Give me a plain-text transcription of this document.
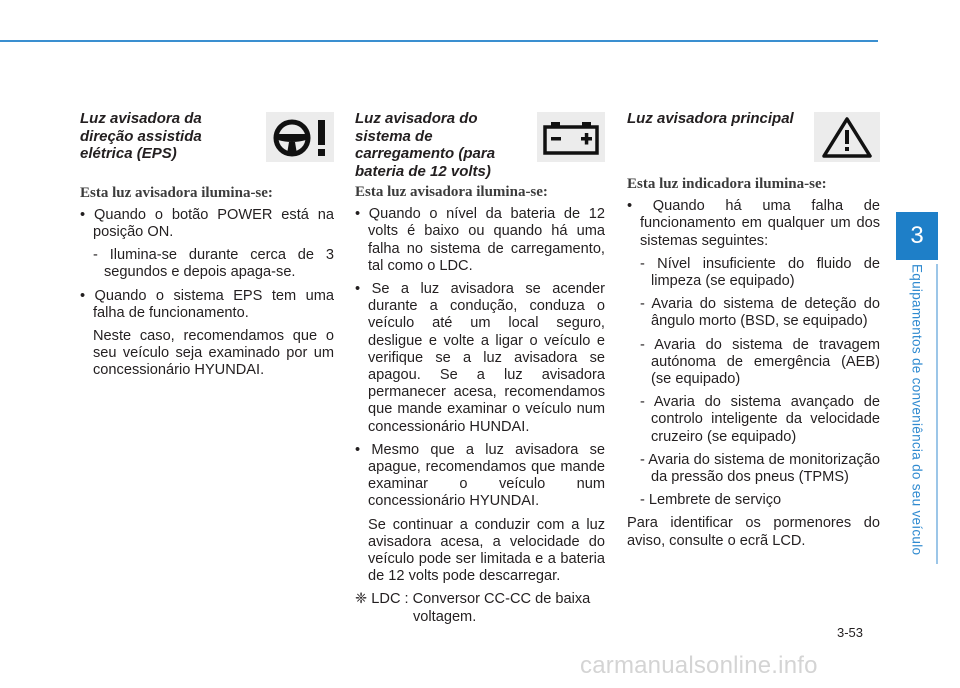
3
Equipamentos de conveniência do seu veículo
Luz avisadora da direção assistida elétrica (EPS)

Esta luz avisadora ilumina-se:

• Quando o botão POWER está na posição ON.

- Ilumina-se durante cerca de 3 segundos e depois apaga-se.

• Quando o sistema EPS tem uma falha de funcionamento.

Neste caso, recomendamos que o seu veículo seja examinado por um concessionário HYUNDAI.

Luz avisadora do sistema de carregamento (para bateria de 12 volts)

Esta luz avisadora ilumina-se:

• Quando o nível da bateria de 12 volts é baixo ou quando há uma falha no sistema de carregamento, tal como o LDC.

• Se a luz avisadora se acender durante a condução, conduza o veículo até um local seguro, desligue e volte a ligar o veículo e verifique se a luz avisadora se apagou. Se a luz avisadora permanecer acesa, recomendamos que mande examinar o veículo num concessionário HUNDAI.

• Mesmo que a luz avisadora se apague, recomendamos que mande examinar o veículo num concessionário HYUNDAI.

Se continuar a conduzir com a luz avisadora acesa, a velocidade do veículo pode ser limitada e a bateria de 12 volts pode descarregar.

❈ LDC : Conversor CC-CC de baixa

voltagem.

Luz avisadora principal

Esta luz indicadora ilumina-se:

• Quando há uma falha de funcionamento em qualquer um dos sistemas seguintes:

- Nível insuficiente do fluido de limpeza (se equipado)

- Avaria do sistema de deteção do ângulo morto (BSD, se equipado)

- Avaria do sistema de travagem autónoma de emergência (AEB) (se equipado)

- Avaria do sistema avançado de controlo inteligente da velocidade cruzeiro (se equipado)

- Avaria do sistema de monitorização da pressão dos pneus (TPMS)

- Lembrete de serviço

Para identificar os pormenores do aviso, consulte o ecrã LCD.

3-53
carmanualsonline.info
